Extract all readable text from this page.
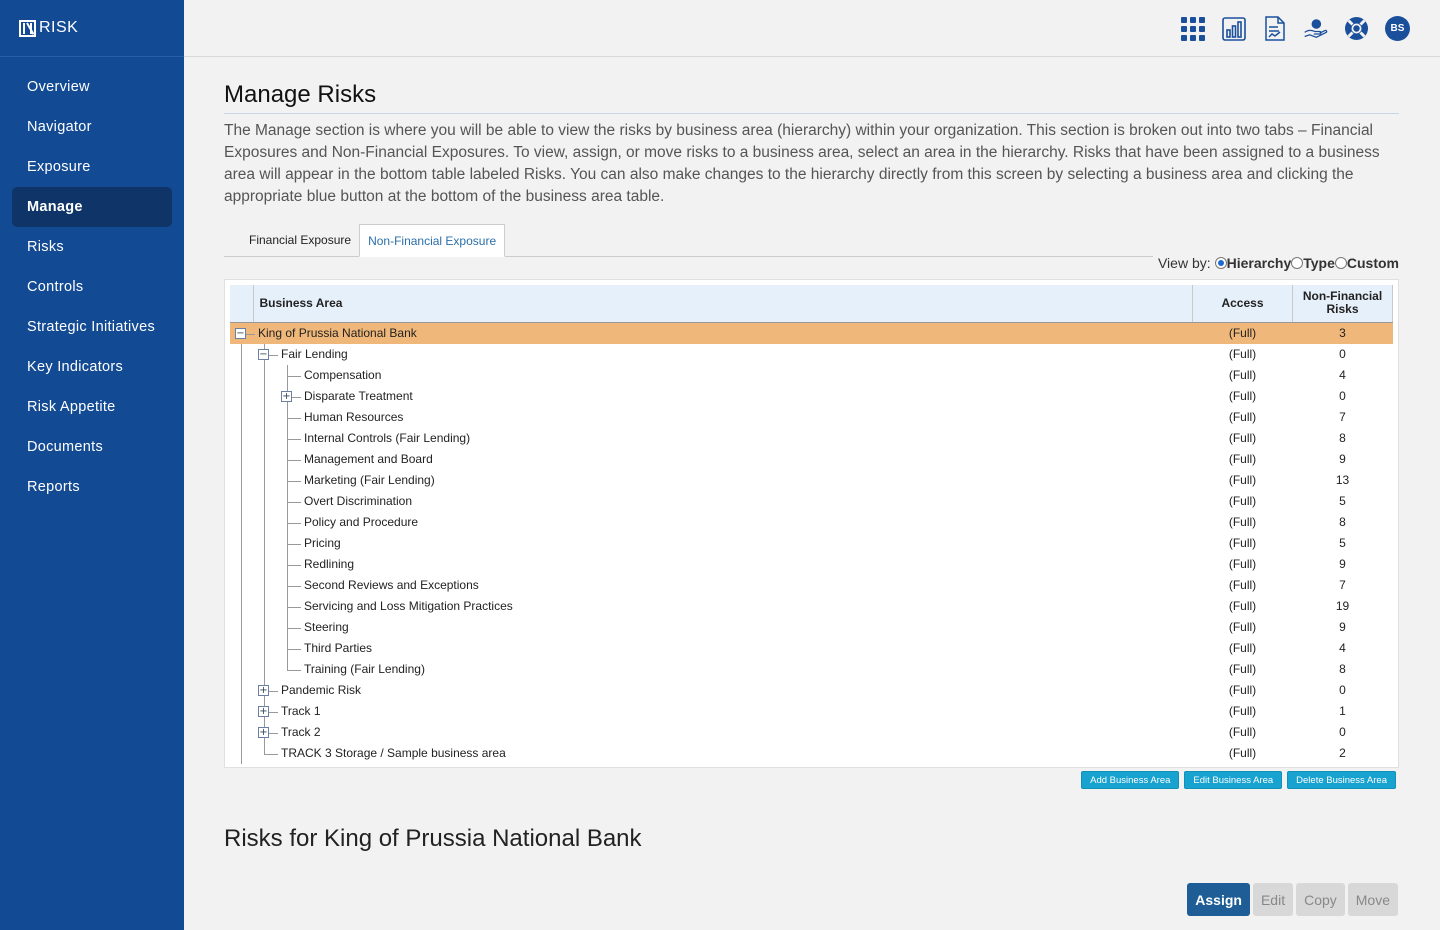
RISK
Overview
Navigator
Exposure
Manage
Risks
Controls
Strategic Initiatives
Key Indicators
Risk Appetite
Documents
Reports
BS
Manage Risks

The Manage section is where you will be able to view the risks by business area (hierarchy) within your organization. This section is broken out into two tabs – Financial Exposures and Non-Financial Exposures. To view, assign, or move risks to a business area, select an area in the hierarchy. Risks that have been assigned to a business area will appear in the bottom table labeled Risks. You can also make changes to the hierarchy directly from this screen by selecting a business area and clicking the appropriate blue button at the bottom of the business area table.

Financial Exposure	Non-Financial Exposure
View by: Hierarchy Type Custom
	Business Area	Access	Non-Financial
Risks

− King of Prussia National Bank		(Full)	3

− Fair Lending		(Full)	0

Compensation		(Full)	4

+ Disparate Treatment		(Full)	0

Human Resources		(Full)	7

Internal Controls (Fair Lending)		(Full)	8

Management and Board		(Full)	9

Marketing (Fair Lending)		(Full)	13

Overt Discrimination		(Full)	5

Policy and Procedure		(Full)	8

Pricing		(Full)	5

Redlining		(Full)	9

Second Reviews and Exceptions		(Full)	7

Servicing and Loss Mitigation Practices		(Full)	19

Steering		(Full)	9

Third Parties		(Full)	4

Training (Fair Lending)		(Full)	8

+ Pandemic Risk		(Full)	0

+ Track 1		(Full)	1

+ Track 2		(Full)	0

TRACK 3 Storage / Sample business area		(Full)	2
Add Business Area	Edit Business Area	Delete Business Area
Risks for King of Prussia National Bank
Assign	Edit	Copy	Move
